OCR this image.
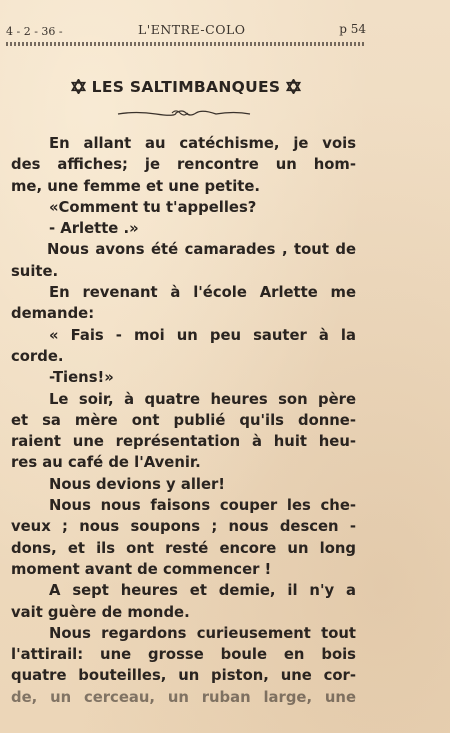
4 - 2 - 36 -	L'ENTRE-COLO	p 54
LES SALTIMBANQUES
En allant au catéchisme, je vois
des affiches; je rencontre un hom-
me, une femme et une petite.
«Comment tu t'appelles?
- Arlette .»
Nous avons été camarades , tout de
suite.
En revenant à l'école Arlette me
demande:
« Fais - moi un peu sauter à la
corde.
-Tiens!»
Le soir, à quatre heures son père
et sa mère ont publié qu'ils donne-
raient une représentation à huit heu-
res au café de l'Avenir.
Nous devions y aller!
Nous nous faisons couper les che-
veux ; nous soupons ; nous descen -
dons, et ils ont resté encore un long
moment avant de commencer !
A sept heures et demie, il n'y a
vait guère de monde.
Nous regardons curieusement tout
l'attirail: une grosse boule en bois
quatre bouteilles, un piston, une cor-
de, un cerceau, un ruban large, une
